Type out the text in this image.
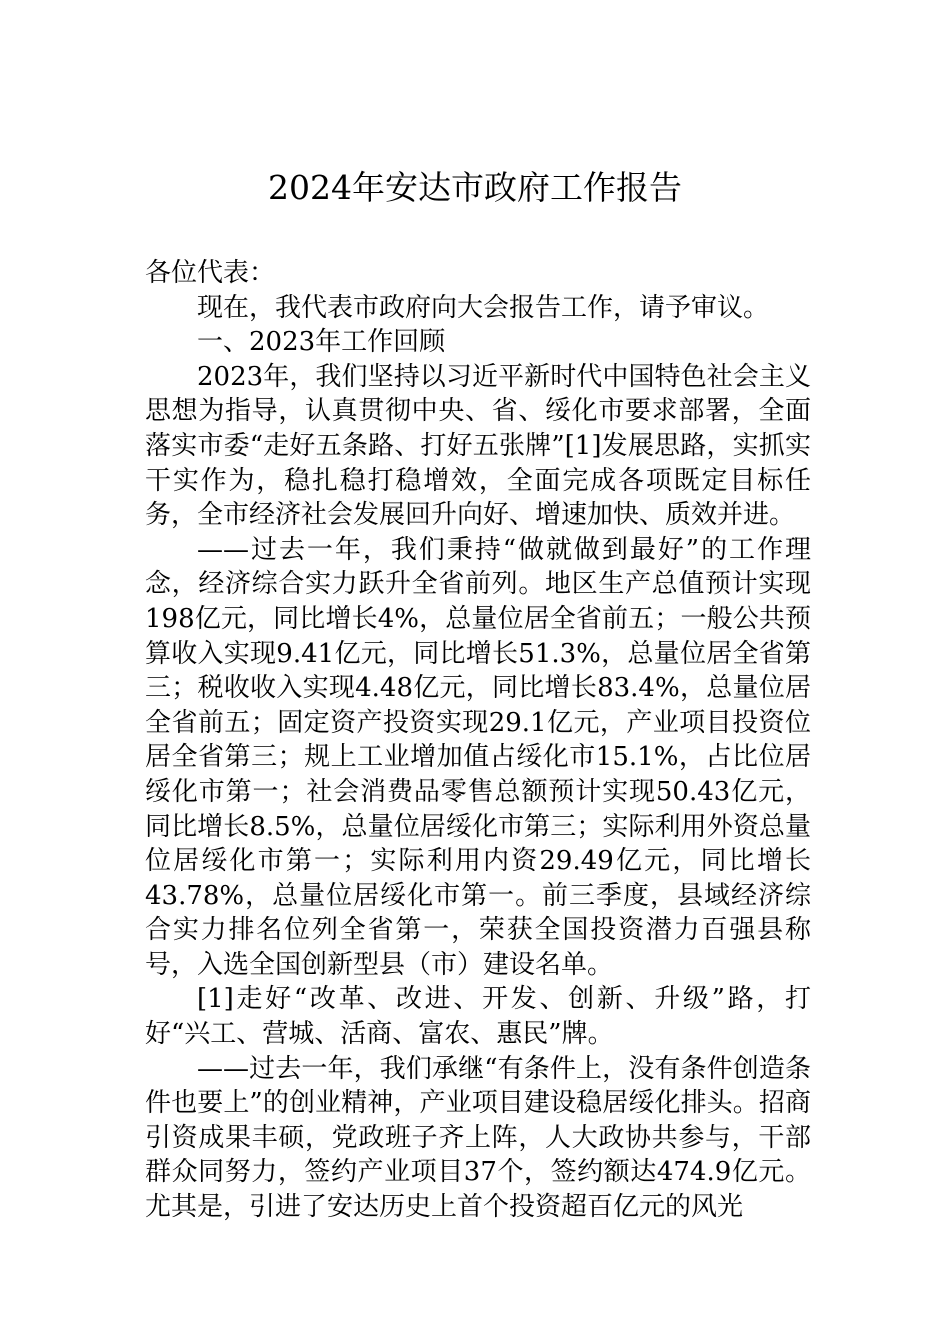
2024年安达市政府工作报告

各位代表：

现在，我代表市政府向大会报告工作，请予审议。

一、2023年工作回顾

2023年，我们坚持以习近平新时代中国特色社会主义思想为指导，认真贯彻中央、省、绥化市要求部署，全面落实市委“走好五条路、打好五张牌”[1]发展思路，实抓实干实作为，稳扎稳打稳增效，全面完成各项既定目标任务，全市经济社会发展回升向好、增速加快、质效并进。

——过去一年，我们秉持“做就做到最好”的工作理念，经济综合实力跃升全省前列。地区生产总值预计实现198亿元，同比增长4%，总量位居全省前五；一般公共预算收入实现9.41亿元，同比增长51.3%，总量位居全省第三；税收收入实现4.48亿元，同比增长83.4%，总量位居全省前五；固定资产投资实现29.1亿元，产业项目投资位居全省第三；规上工业增加值占绥化市15.1%，占比位居绥化市第一；社会消费品零售总额预计实现50.43亿元，同比增长8.5%，总量位居绥化市第三；实际利用外资总量位居绥化市第一；实际利用内资29.49亿元，同比增长43.78%，总量位居绥化市第一。前三季度，县域经济综合实力排名位列全省第一，荣获全国投资潜力百强县称号，入选全国创新型县（市）建设名单。

[1]走好“改革、改进、开发、创新、升级”路，打好“兴工、营城、活商、富农、惠民”牌。

——过去一年，我们承继“有条件上，没有条件创造条件也要上”的创业精神，产业项目建设稳居绥化排头。招商引资成果丰硕，党政班子齐上阵，人大政协共参与，干部群众同努力，签约产业项目37个，签约额达474.9亿元。尤其是，引进了安达历史上首个投资超百亿元的风光
